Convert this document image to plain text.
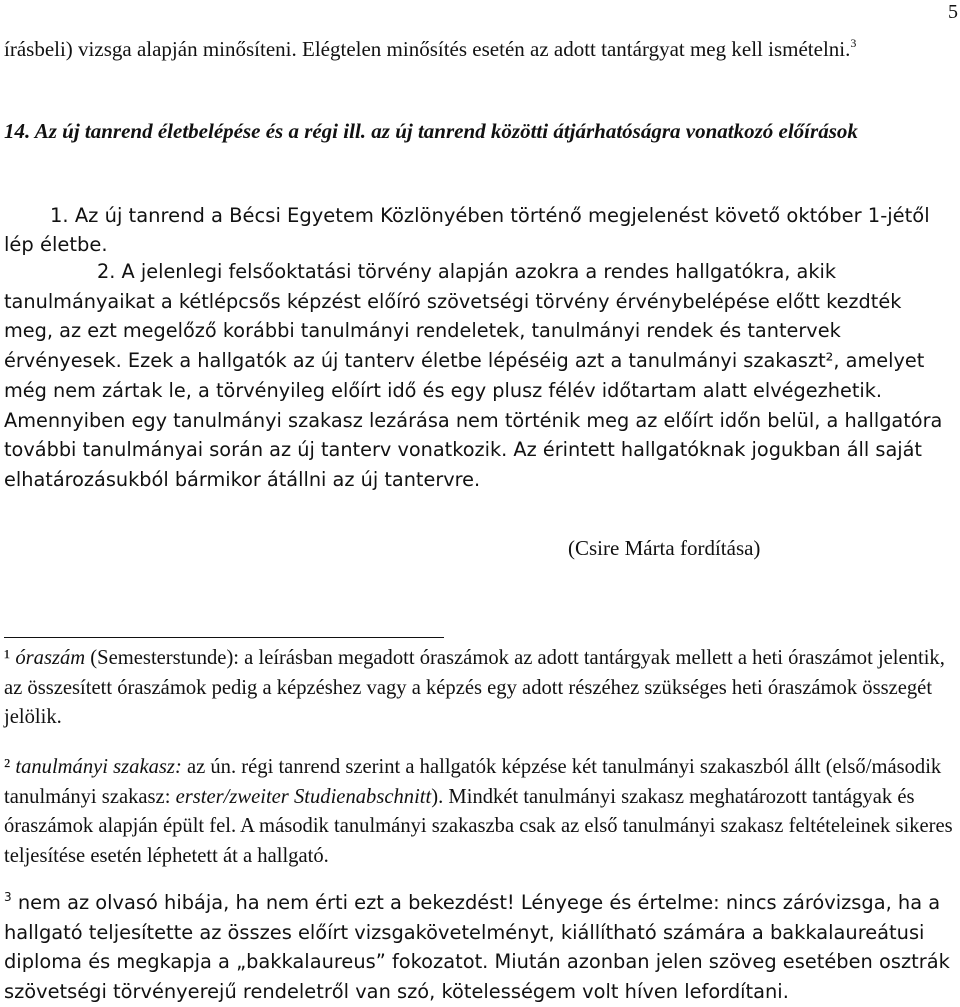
5
írásbeli) vizsga alapján minősíteni. Elégtelen minősítés esetén az adott tantárgyat meg kell ismételni.$^3$
14. Az új tanrend életbelépése és a régi ill. az új tanrend közötti átjárhatóságra vonatkozó előírások
1. Az új tanrend a Bécsi Egyetem Közlönyében történő megjelenést követő október 1-jétől lép életbe.
2. A jelenlegi felsőoktatási törvény alapján azokra a rendes hallgatókra, akik tanulmányaikat a kétlépcsős képzést előíró szövetségi törvény érvénybelépése előtt kezdték meg, az ezt megelőző korábbi tanulmányi rendeletek, tanulmányi rendek és tantervek érvényesek. Ezek a hallgatók az új tanterv életbe lépéséig azt a tanulmányi szakaszt², amelyet még nem zártak le, a törvényileg előírt idő és egy plusz félév időtartam alatt elvégezhetik. Amennyiben egy tanulmányi szakasz lezárása nem történik meg az előírt időn belül, a hallgatóra további tanulmányai során az új tanterv vonatkozik. Az érintett hallgatóknak jogukban áll saját elhatározásukból bármikor átállni az új tantervre.
(Csire Márta fordítása)
¹ óraszám (Semesterstunde): a leírásban megadott óraszámok az adott tantárgyak mellett a heti óraszámot jelentik, az összesített óraszámok pedig a képzéshez vagy a képzés egy adott részéhez szükséges heti óraszámok összegét jelölik.
² tanulmányi szakasz: az ún. régi tanrend szerint a hallgatók képzése két tanulmányi szakaszból állt (első/második tanulmányi szakasz: erster/zweiter Studienabschnitt). Mindkét tanulmányi szakasz meghatározott tantágyak és óraszámok alapján épült fel. A második tanulmányi szakaszba csak az első tanulmányi szakasz feltételeinek sikeres teljesítése esetén léphetett át a hallgató.
$^3$ nem az olvasó hibája, ha nem érti ezt a bekezdést! Lényege és értelme: nincs záróvizsga, ha a hallgató teljesítette az összes előírt vizsgakövetelményt, kiállítható számára a bakkalaureátusi diploma és megkapja a „bakkalaureus” fokozatot. Miután azonban jelen szöveg esetében osztrák szövetségi törvényerejű rendeletről van szó, kötelességem volt híven lefordítani.
